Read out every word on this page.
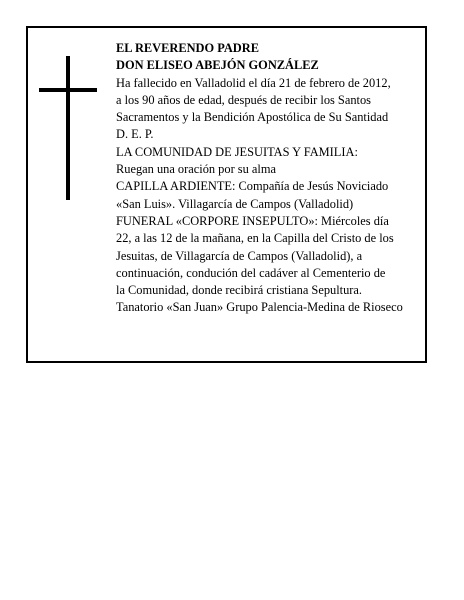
EL REVERENDO PADRE
DON ELISEO ABEJÓN GONZÁLEZ
Ha fallecido en Valladolid el día 21 de febrero de 2012,
a los 90 años de edad, después de recibir los Santos
Sacramentos y la Bendición Apostólica de Su Santidad
D. E. P.
LA COMUNIDAD DE JESUITAS Y FAMILIA:
Ruegan una oración por su alma
CAPILLA ARDIENTE: Compañía de Jesús Noviciado
«San Luis». Villagarcía de Campos (Valladolid)
FUNERAL «CORPORE INSEPULTO»: Miércoles día
22, a las 12 de la mañana, en la Capilla del Cristo de los
Jesuitas, de Villagarcía de Campos (Valladolid), a
continuación, condución del cadáver al Cementerio de
la Comunidad, donde recibirá cristiana Sepultura.
Tanatorio «San Juan» Grupo Palencia-Medina de Rioseco
